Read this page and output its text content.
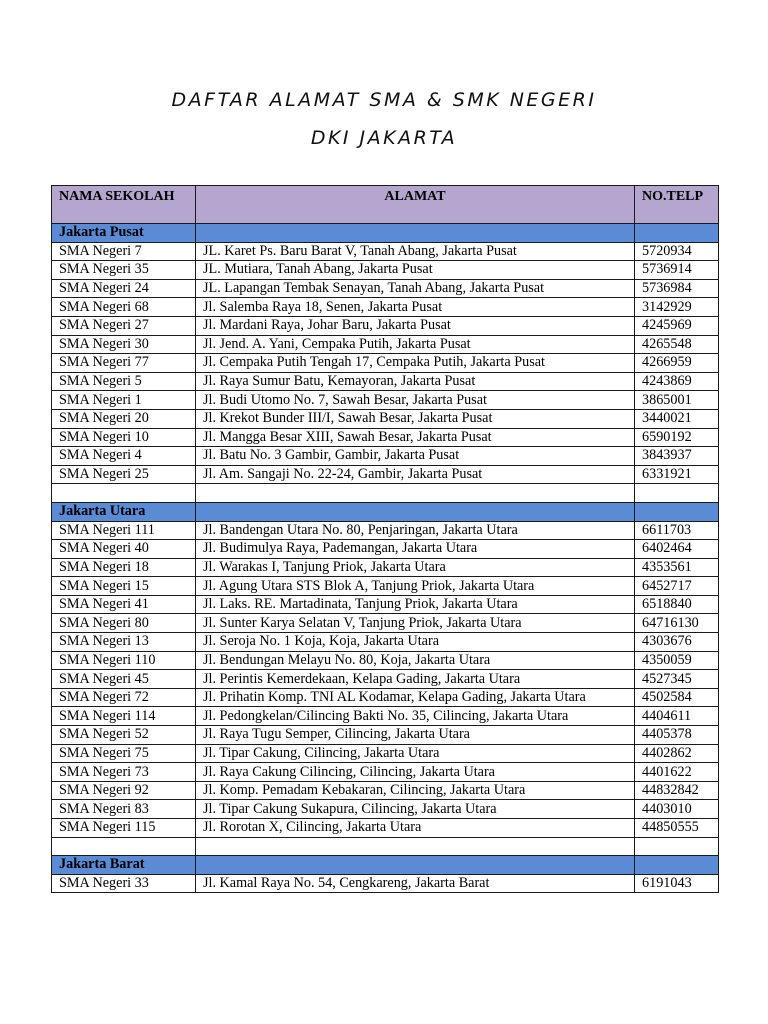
DAFTAR ALAMAT SMA & SMK NEGERI
DKI JAKARTA
NAMA SEKOLAH	ALAMAT	NO.TELP
Jakarta Pusat		
SMA Negeri 7	JL. Karet Ps. Baru Barat V, Tanah Abang, Jakarta Pusat	5720934
SMA Negeri 35	JL. Mutiara, Tanah Abang, Jakarta Pusat	5736914
SMA Negeri 24	JL. Lapangan Tembak Senayan, Tanah Abang, Jakarta Pusat	5736984
SMA Negeri 68	Jl. Salemba Raya 18, Senen, Jakarta Pusat	3142929
SMA Negeri 27	Jl. Mardani Raya, Johar Baru, Jakarta Pusat	4245969
SMA Negeri 30	Jl. Jend. A. Yani, Cempaka Putih, Jakarta Pusat	4265548
SMA Negeri 77	Jl. Cempaka Putih Tengah 17, Cempaka Putih, Jakarta Pusat	4266959
SMA Negeri 5	Jl. Raya Sumur Batu, Kemayoran, Jakarta Pusat	4243869
SMA Negeri 1	Jl. Budi Utomo No. 7, Sawah Besar, Jakarta Pusat	3865001
SMA Negeri 20	Jl. Krekot Bunder III/I, Sawah Besar, Jakarta Pusat	3440021
SMA Negeri 10	Jl. Mangga Besar XIII, Sawah Besar, Jakarta Pusat	6590192
SMA Negeri 4	Jl. Batu No. 3 Gambir, Gambir, Jakarta Pusat	3843937
SMA Negeri 25	Jl. Am. Sangaji No. 22-24, Gambir, Jakarta Pusat	6331921

Jakarta Utara		
SMA Negeri 111	Jl. Bandengan Utara No. 80, Penjaringan, Jakarta Utara	6611703
SMA Negeri 40	Jl. Budimulya Raya, Pademangan, Jakarta Utara	6402464
SMA Negeri 18	Jl. Warakas I, Tanjung Priok, Jakarta Utara	4353561
SMA Negeri 15	Jl. Agung Utara STS Blok A, Tanjung Priok, Jakarta Utara	6452717
SMA Negeri 41	Jl. Laks. RE. Martadinata, Tanjung Priok, Jakarta Utara	6518840
SMA Negeri 80	Jl. Sunter Karya Selatan V, Tanjung Priok, Jakarta Utara	64716130
SMA Negeri 13	Jl. Seroja No. 1 Koja, Koja, Jakarta Utara	4303676
SMA Negeri 110	Jl. Bendungan Melayu No. 80, Koja, Jakarta Utara	4350059
SMA Negeri 45	Jl. Perintis Kemerdekaan, Kelapa Gading, Jakarta Utara	4527345
SMA Negeri 72	Jl. Prihatin Komp. TNI AL Kodamar, Kelapa Gading, Jakarta Utara	4502584
SMA Negeri 114	Jl. Pedongkelan/Cilincing Bakti No. 35, Cilincing, Jakarta Utara	4404611
SMA Negeri 52	Jl. Raya Tugu Semper, Cilincing, Jakarta Utara	4405378
SMA Negeri 75	Jl. Tipar Cakung, Cilincing, Jakarta Utara	4402862
SMA Negeri 73	Jl. Raya Cakung Cilincing, Cilincing, Jakarta Utara	4401622
SMA Negeri 92	Jl. Komp. Pemadam Kebakaran, Cilincing, Jakarta Utara	44832842
SMA Negeri 83	Jl. Tipar Cakung Sukapura, Cilincing, Jakarta Utara	4403010
SMA Negeri 115	Jl. Rorotan X, Cilincing, Jakarta Utara	44850555

Jakarta Barat		
SMA Negeri 33	Jl. Kamal Raya No. 54, Cengkareng, Jakarta Barat	6191043
